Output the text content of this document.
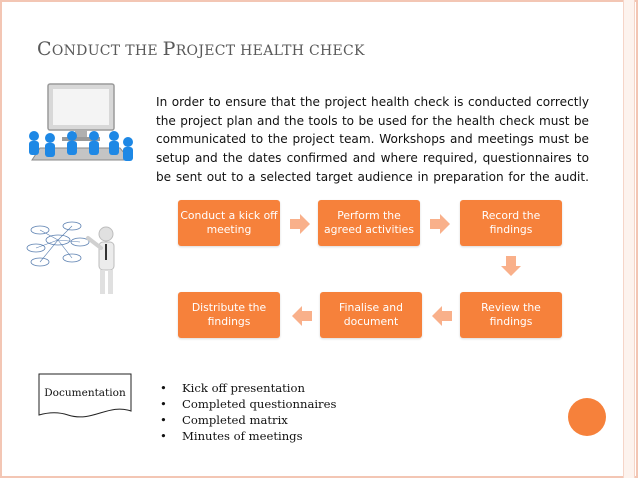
CONDUCT THE PROJECT HEALTH CHECK
In order to ensure that the project health check is conducted correctly the project plan and the tools to be used for the health check must be communicated to the project team. Workshops and meetings must be setup and the dates confirmed and where required, questionnaires to be sent out to a selected target audience in preparation for the audit.
Conduct a kick off meeting
Perform the agreed activities
Record the findings
Review the findings
Finalise and document
Distribute the findings
Documentation	•	Kick off presentation
•	Completed questionnaires
•	Completed matrix
•	Minutes of meetings
